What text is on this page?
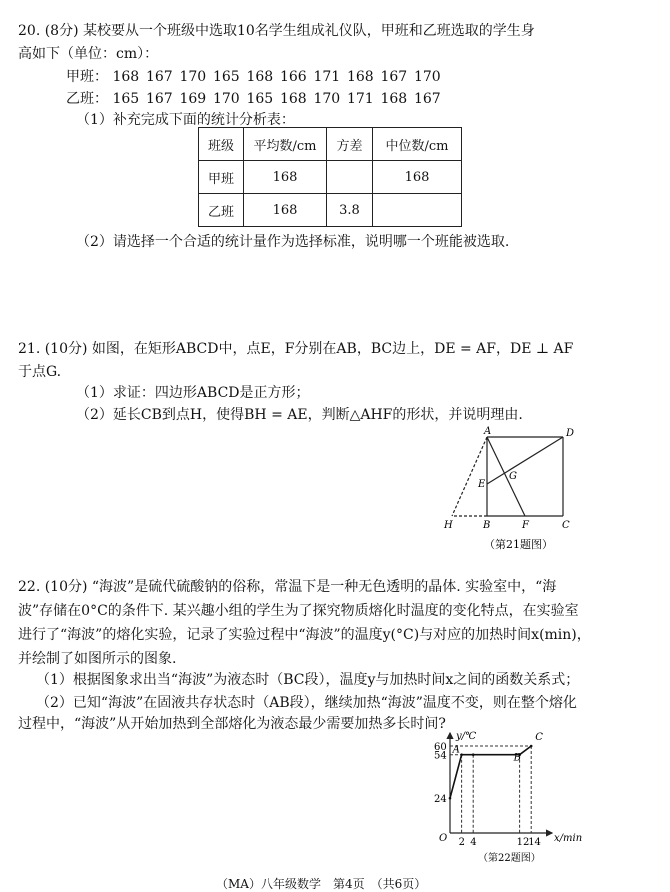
20. (8分) 某校要从一个班级中选取10名学生组成礼仪队，甲班和乙班选取的学生身
高如下（单位：cm）：
甲班： 168 167 170 165 168 166 171 168 167 170
乙班： 165 167 169 170 165 168 170 171 168 167
（1）补充完成下面的统计分析表：
班级	平均数/cm	方差	中位数/cm
甲班	168		168
乙班	168	3.8	
（2）请选择一个合适的统计量作为选择标准，说明哪一个班能被选取.
21. (10分) 如图，在矩形ABCD中，点E，F分别在AB，BC边上，DE = AF，DE ⊥ AF
于点G.
（1）求证：四边形ABCD是正方形；
（2）延长CB到点H，使得BH = AE，判断△AHF的形状，并说明理由.
A	D
E
G
H	B	F	C
（第21题图）
22. (10分) “海波”是硫代硫酸钠的俗称，常温下是一种无色透明的晶体. 实验室中，“海
波”存储在0°C的条件下. 某兴趣小组的学生为了探究物质熔化时温度的变化特点，在实验室
进行了“海波”的熔化实验，记录了实验过程中“海波”的温度y(°C)与对应的加热时间x(min)，
并绘制了如图所示的图象.
（1）根据图象求出当“海波”为液态时（BC段），温度y与加热时间x之间的函数关系式；
（2）已知“海波”在固液共存状态时（AB段），继续加热“海波”温度不变，则在整个熔化
过程中，“海波”从开始加热到全部熔化为液态最少需要加热多长时间?
y/℃
x/min
O 2 4	12
14
60
54
24
A
B
C
（第22题图）
（MA）八年级数学　第4页　（共6页）
